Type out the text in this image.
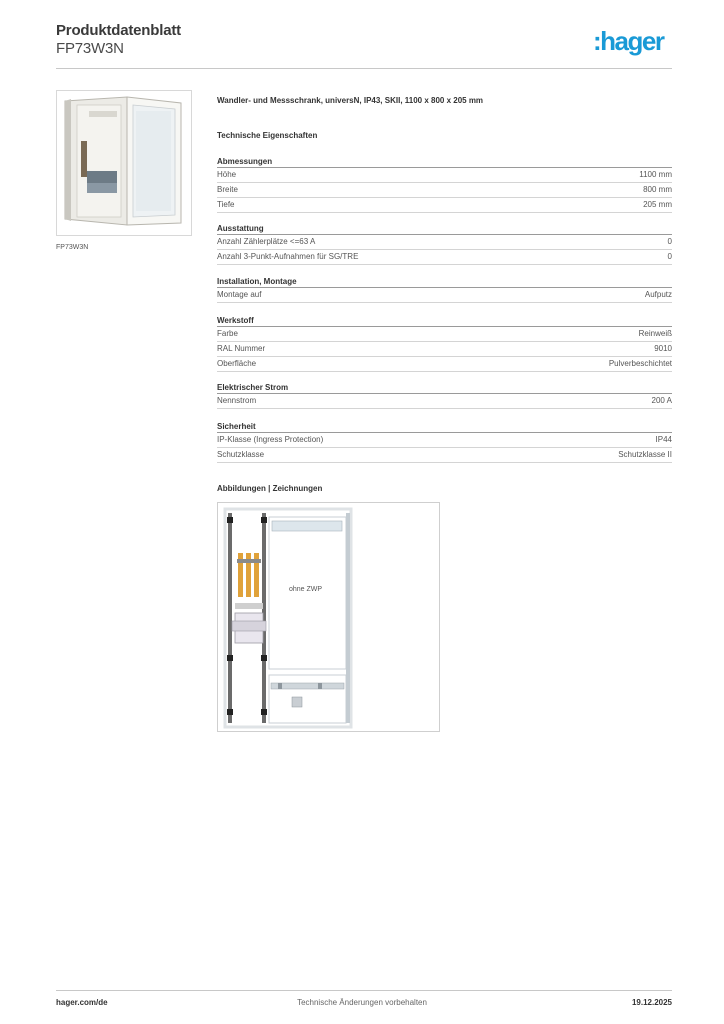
Produktdatenblatt
FP73W3N	:hager
FP73W3N
Wandler- und Messschrank, universN, IP43, SKII, 1100 x 800 x 205 mm
Technische Eigenschaften
Abmessungen
Höhe	1100 mm
Breite	800 mm
Tiefe	205 mm
Ausstattung
Anzahl Zählerplätze <=63 A	0
Anzahl 3-Punkt-Aufnahmen für SG/TRE	0
Installation, Montage
Montage auf	Aufputz
Werkstoff
Farbe	Reinweiß
RAL Nummer	9010
Oberfläche	Pulverbeschichtet
Elektrischer Strom
Nennstrom	200 A
Sicherheit
IP-Klasse (Ingress Protection)	IP44
Schutzklasse	Schutzklasse II
Abbildungen | Zeichnungen
ohne ZWP
hager.com/de	Technische Änderungen vorbehalten	19.12.2025
